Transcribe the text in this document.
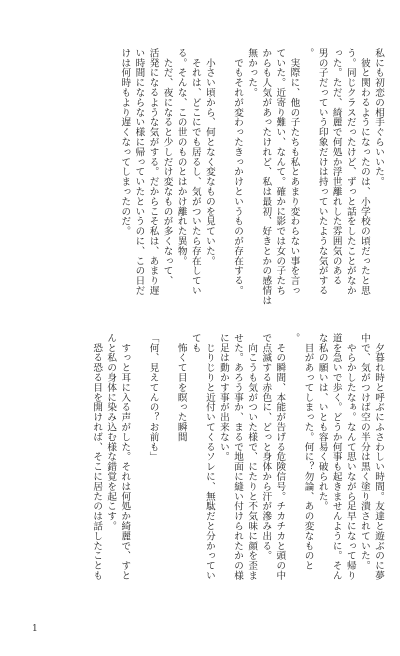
私にも初恋の相手ぐらいいた。
　彼と関わるようになったのは、小学校の頃だったと思
う。同じクラスだったけど、ずっと話をしたことがなか
った。ただ、綺麗で何処か浮世離れした雰囲気のある
男の子だっていう印象だけは持っていたような気がする
。
　実際に、他の子たちも私とあまり変わらない事を言っ
ていた。近寄り難い、なんて。確かに影では女の子たち
からも人気があったけれど、私は最初、好きとかの感情は
無かった。
　でもそれが変わったきっかけというものが存在する。

　小さい頃から、何となく変なものを見ていた。
　それは、どこにでも居るし、気がついたら存在してい
る。そんな、この世のものとはかけ離れた異物。
　ただ、夜になると少しだけ変なものが多くなって、
活発になるような気がする。だからこそ私は、あまり遅
い時間にならない様に帰っていたというのに、この日だ
けは何時もより遅くなってしまったのだ。
　夕暮れ時と呼ぶにふさわしい時間。友達と遊ぶのに夢
中で、気がつけば空の半分は黒く塗り潰されていた。
　やらかしたなぁ。なんて思いながら足早になって帰り
道を急いで歩く。どうか何事も起きませんように。そん
な私の願いは、いとも容易く破られた。
　目があってしまった。何に？勿論、あの変なものと
。
　その瞬間、本能が告げる危険信号。チカチカと頭の中
で点滅する赤色に、どっと身体から汗が滲み出る。
　向こうも気がついた様で、にたりと不気味に顔を歪ま
せた。あろう事か、まるで地面に縫い付けられたかの様
に足は動かす事が出来ない。
　じりじりと近付いてくるソレに、無駄だと分かってい
ても
　怖くて目を瞑った瞬間

「何、見えてんの？お前も」

　すっと耳に入る声がした。それは何処か綺麗で、すと
んと私の身体に染み込む様な錯覚を起こす。
　恐る恐る目を開ければ、そこに居たのは話したことも
1
